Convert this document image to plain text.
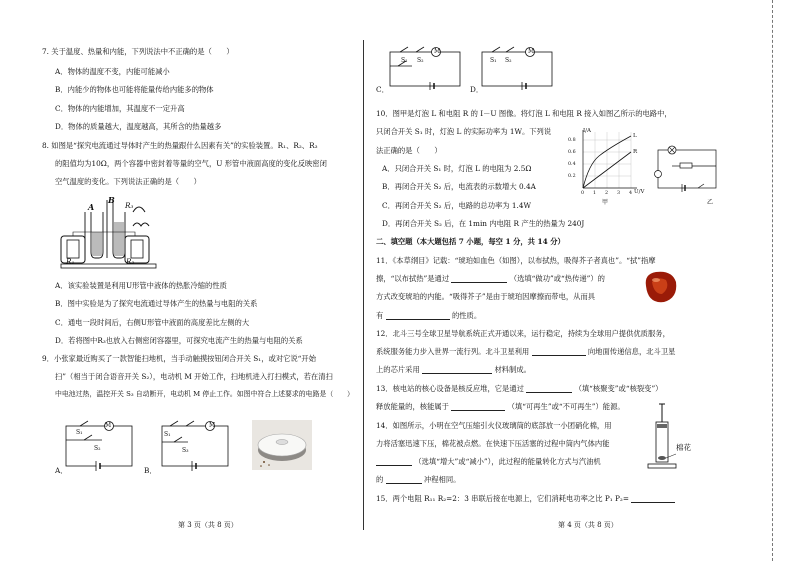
7. 关于温度、热量和内能，下列说法中不正确的是（　　）
A．物体的温度不变，内能可能减小
B．内能少的物体也可能将能量传给内能多的物体
C．物体的内能增加，其温度不一定升高
D．物体的质量越大，温度越高，其所含的热量越多
8. 如图是“探究电流通过导体时产生的热量跟什么因素有关”的实验装置。R₁、R₂、R₃
的阻值均为10Ω，两个容器中密封着等量的空气，U 形管中液面高度的变化反映密闭
空气温度的变化。下列说法正确的是（　　）
A
B
R₁	R₂
R₃
A．该实验装置是利用U形管中液体的热胀冷缩的性质
B．图中实验是为了探究电流通过导体产生的热量与电阻的关系
C．通电一段时间后，右侧U形管中液面的高度差比左侧的大
D．若将图中R₃也放入右侧密闭容器里，可探究电流产生的热量与电阻的关系
9．小张家最近购买了一款智能扫地机，当手动触摸按钮闭合开关 S₁，或对它说“开始
扫”（相当于闭合语音开关 S₂），电动机 M 开始工作，扫地机进入打扫模式，若在清扫
中电池过热，温控开关 S₃ 自动断开，电动机 M 停止工作。如图中符合上述要求的电路是（　　）
M
S₁
S₂
A．
M
S₁
S₃
B．
第 3 页（共 8 页）
M
S₁ S₂
C．
M
S₁ S₂
D．
10．图甲是灯泡 L 和电阻 R 的 I－U 图像。将灯泡 L 和电阻 R 接入如图乙所示的电路中，
只闭合开关 S₁ 时，灯泡 L 的实际功率为 1W。下列说
法正确的是（　　）
A．只闭合开关 S₁ 时，灯泡 L 的电阻为 2.5Ω
B．再闭合开关 S₂ 后，电流表的示数增大 0.4A
C．再闭合开关 S₂ 后，电路的总功率为 1.4W
D．再闭合开关 S₂ 后，在 1min 内电阻 R 产生的热量为 240J
I/A
U/V
0.8
0.6
0.4
0.2
0 1 2 3 4
L
R
甲	乙
二、填空题（本大题包括 7 小题，每空 1 分，共 14 分）
11．《本草纲目》记载：“琥珀如血色（如图），以布拭热，吸得芥子者真也”。“拭”指摩
擦，“以布拭热”是通过	（选填“做功”或“热传递”）的
方式改变琥珀的内能。“吸得芥子”是由于琥珀因摩擦而带电，从而具
有	的性质。
12．北斗三号全球卫星导航系统正式开通以来，运行稳定，持续为全球用户提供优质服务，
系统服务能力步入世界一流行列。北斗卫星利用	向地面传递信息，北斗卫星
上的芯片采用	材料制成。
13．核电站的核心设备是核反应堆，它是通过	（填“核聚变”或“核裂变”）
释放能量的，核能属于	（填“可再生”或“不可再生”）能源。
14．如图所示，小明在空气压缩引火仪玻璃筒的底部放一小团硝化棉，用
力将活塞迅速下压，棉花被点燃。在快速下压活塞的过程中筒内气体内能
（选填“增大”或“减小”），此过程的能量转化方式与汽油机
的	冲程相同。
棉花
15．两个电阻 R₁₁ R₂=2：3 串联后接在电源上，它们消耗电功率之比 P₁ P₂=
第 4 页（共 8 页）
